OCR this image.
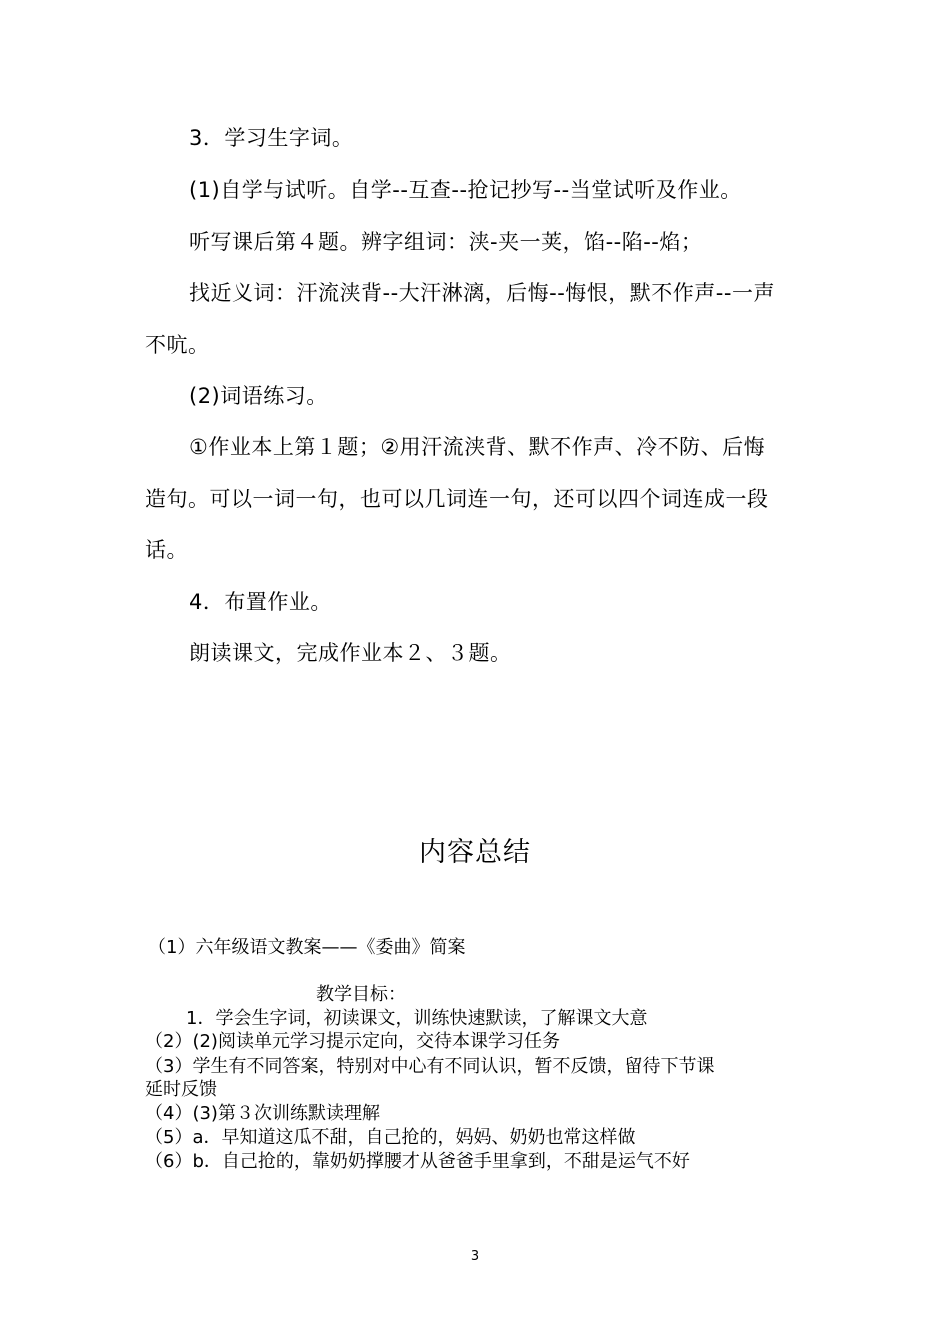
3．学习生字词。
(1)自学与试听。自学--互查--抢记抄写--当堂试听及作业。
听写课后第４题。辨字组词：浃-夹一荚，馅--陷--焰；
找近义词：汗流浃背--大汗淋漓，后悔--悔恨，默不作声--一声
不吭。
(2)词语练习。
①作业本上第１题；②用汗流浃背、默不作声、冷不防、后悔
造句。可以一词一句，也可以几词连一句，还可以四个词连成一段
话。
4．布置作业。
朗读课文，完成作业本２、３题。
内容总结
（1）六年级语文教案——《委曲》简案
教学目标：
1．学会生字词，初读课文，训练快速默读，了解课文大意
（2）(2)阅读单元学习提示定向，交待本课学习任务
（3）学生有不同答案，特别对中心有不同认识，暂不反馈，留待下节课
延时反馈
（4）(3)第３次训练默读理解
（5）a．早知道这瓜不甜，自己抢的，妈妈、奶奶也常这样做
（6）b．自己抢的，靠奶奶撑腰才从爸爸手里拿到，不甜是运气不好
3
